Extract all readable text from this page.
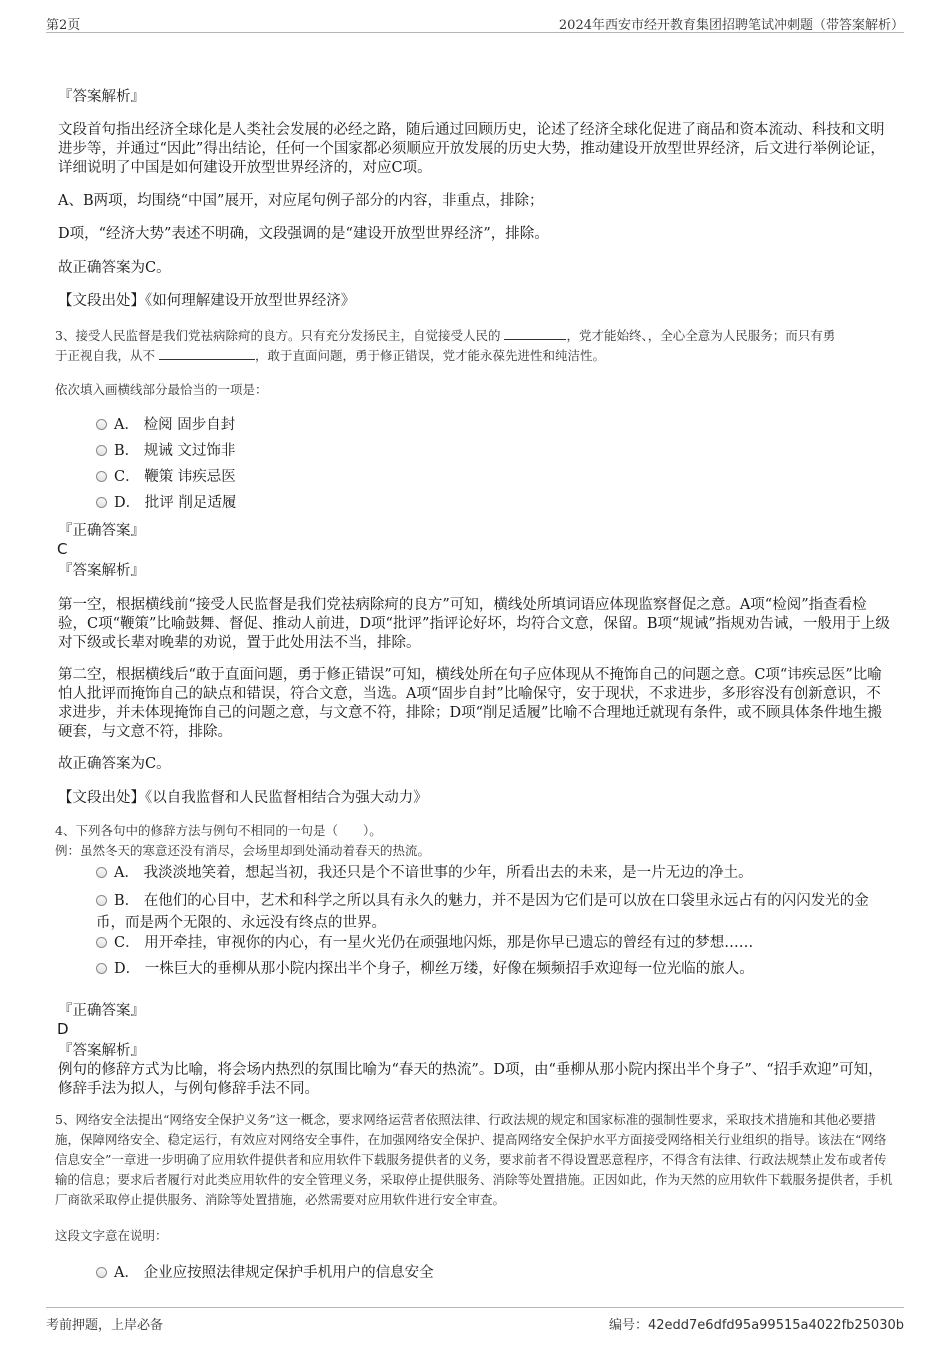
第2页	2024年西安市经开教育集团招聘笔试冲刺题（带答案解析）

『答案解析』

文段首句指出经济全球化是人类社会发展的必经之路，随后通过回顾历史，论述了经济全球化促进了商品和资本流动、科技和文明进步等，并通过“因此”得出结论，任何一个国家都必须顺应开放发展的历史大势，推动建设开放型世界经济，后文进行举例论证，详细说明了中国是如何建设开放型世界经济的，对应C项。

A、B两项，均围绕“中国”展开，对应尾句例子部分的内容，非重点，排除；

D项，“经济大势”表述不明确，文段强调的是“建设开放型世界经济”，排除。

故正确答案为C。

【文段出处】《如何理解建设开放型世界经济》

3、接受人民监督是我们党祛病除疴的良方。只有充分发扬民主，自觉接受人民的	，党才能始终、，全心全意为人民服务；而只有勇
于正视自我，从不	，敢于直面问题，勇于修正错误，党才能永葆先进性和纯洁性。

依次填入画横线部分最恰当的一项是：

A． 检阅 固步自封
B． 规诫 文过饰非
C． 鞭策 讳疾忌医
D． 批评 削足适履

『正确答案』

C

『答案解析』

第一空，根据横线前“接受人民监督是我们党祛病除疴的良方”可知，横线处所填词语应体现监察督促之意。A项“检阅”指查看检验，C项“鞭策”比喻鼓舞、督促、推动人前进，D项“批评”指评论好坏，均符合文意，保留。B项“规诫”指规劝告诫，一般用于上级对下级或长辈对晚辈的劝说，置于此处用法不当，排除。

第二空，根据横线后“敢于直面问题，勇于修正错误”可知，横线处所在句子应体现从不掩饰自己的问题之意。C项“讳疾忌医”比喻怕人批评而掩饰自己的缺点和错误，符合文意，当选。A项“固步自封”比喻保守，安于现状，不求进步，多形容没有创新意识，不求进步，并未体现掩饰自己的问题之意，与文意不符，排除；D项“削足适履”比喻不合理地迁就现有条件，或不顾具体条件地生搬硬套，与文意不符，排除。

故正确答案为C。

【文段出处】《以自我监督和人民监督相结合为强大动力》

4、下列各句中的修辞方法与例句不相同的一句是（　　）。

例：虽然冬天的寒意还没有消尽，会场里却到处涌动着春天的热流。

A． 我淡淡地笑着，想起当初，我还只是个不谙世事的少年，所看出去的未来，是一片无边的净土。
B． 在他们的心目中，艺术和科学之所以具有永久的魅力，并不是因为它们是可以放在口袋里永远占有的闪闪发光的金币，而是两个无限的、永远没有终点的世界。
C． 用开牵挂，审视你的内心，有一星火光仍在顽强地闪烁，那是你早已遗忘的曾经有过的梦想……
D． 一株巨大的垂柳从那小院内探出半个身子，柳丝万缕，好像在频频招手欢迎每一位光临的旅人。

『正确答案』

D

『答案解析』

例句的修辞方式为比喻，将会场内热烈的氛围比喻为“春天的热流”。D项，由“垂柳从那小院内探出半个身子”、“招手欢迎”可知，修辞手法为拟人，与例句修辞手法不同。

5、网络安全法提出“网络安全保护义务”这一概念，要求网络运营者依照法律、行政法规的规定和国家标准的强制性要求，采取技术措施和其他必要措施，保障网络安全、稳定运行，有效应对网络安全事件，在加强网络安全保护、提高网络安全保护水平方面接受网络相关行业组织的指导。该法在“网络信息安全”一章进一步明确了应用软件提供者和应用软件下载服务提供者的义务，要求前者不得设置恶意程序，不得含有法律、行政法规禁止发布或者传输的信息；要求后者履行对此类应用软件的安全管理义务，采取停止提供服务、消除等处置措施。正因如此，作为天然的应用软件下载服务提供者，手机厂商欲采取停止提供服务、消除等处置措施，必然需要对应用软件进行安全审查。

这段文字意在说明：

A． 企业应按照法律规定保护手机用户的信息安全
考前押题，上岸必备	编号：42edd7e6dfd95a99515a4022fb25030b
